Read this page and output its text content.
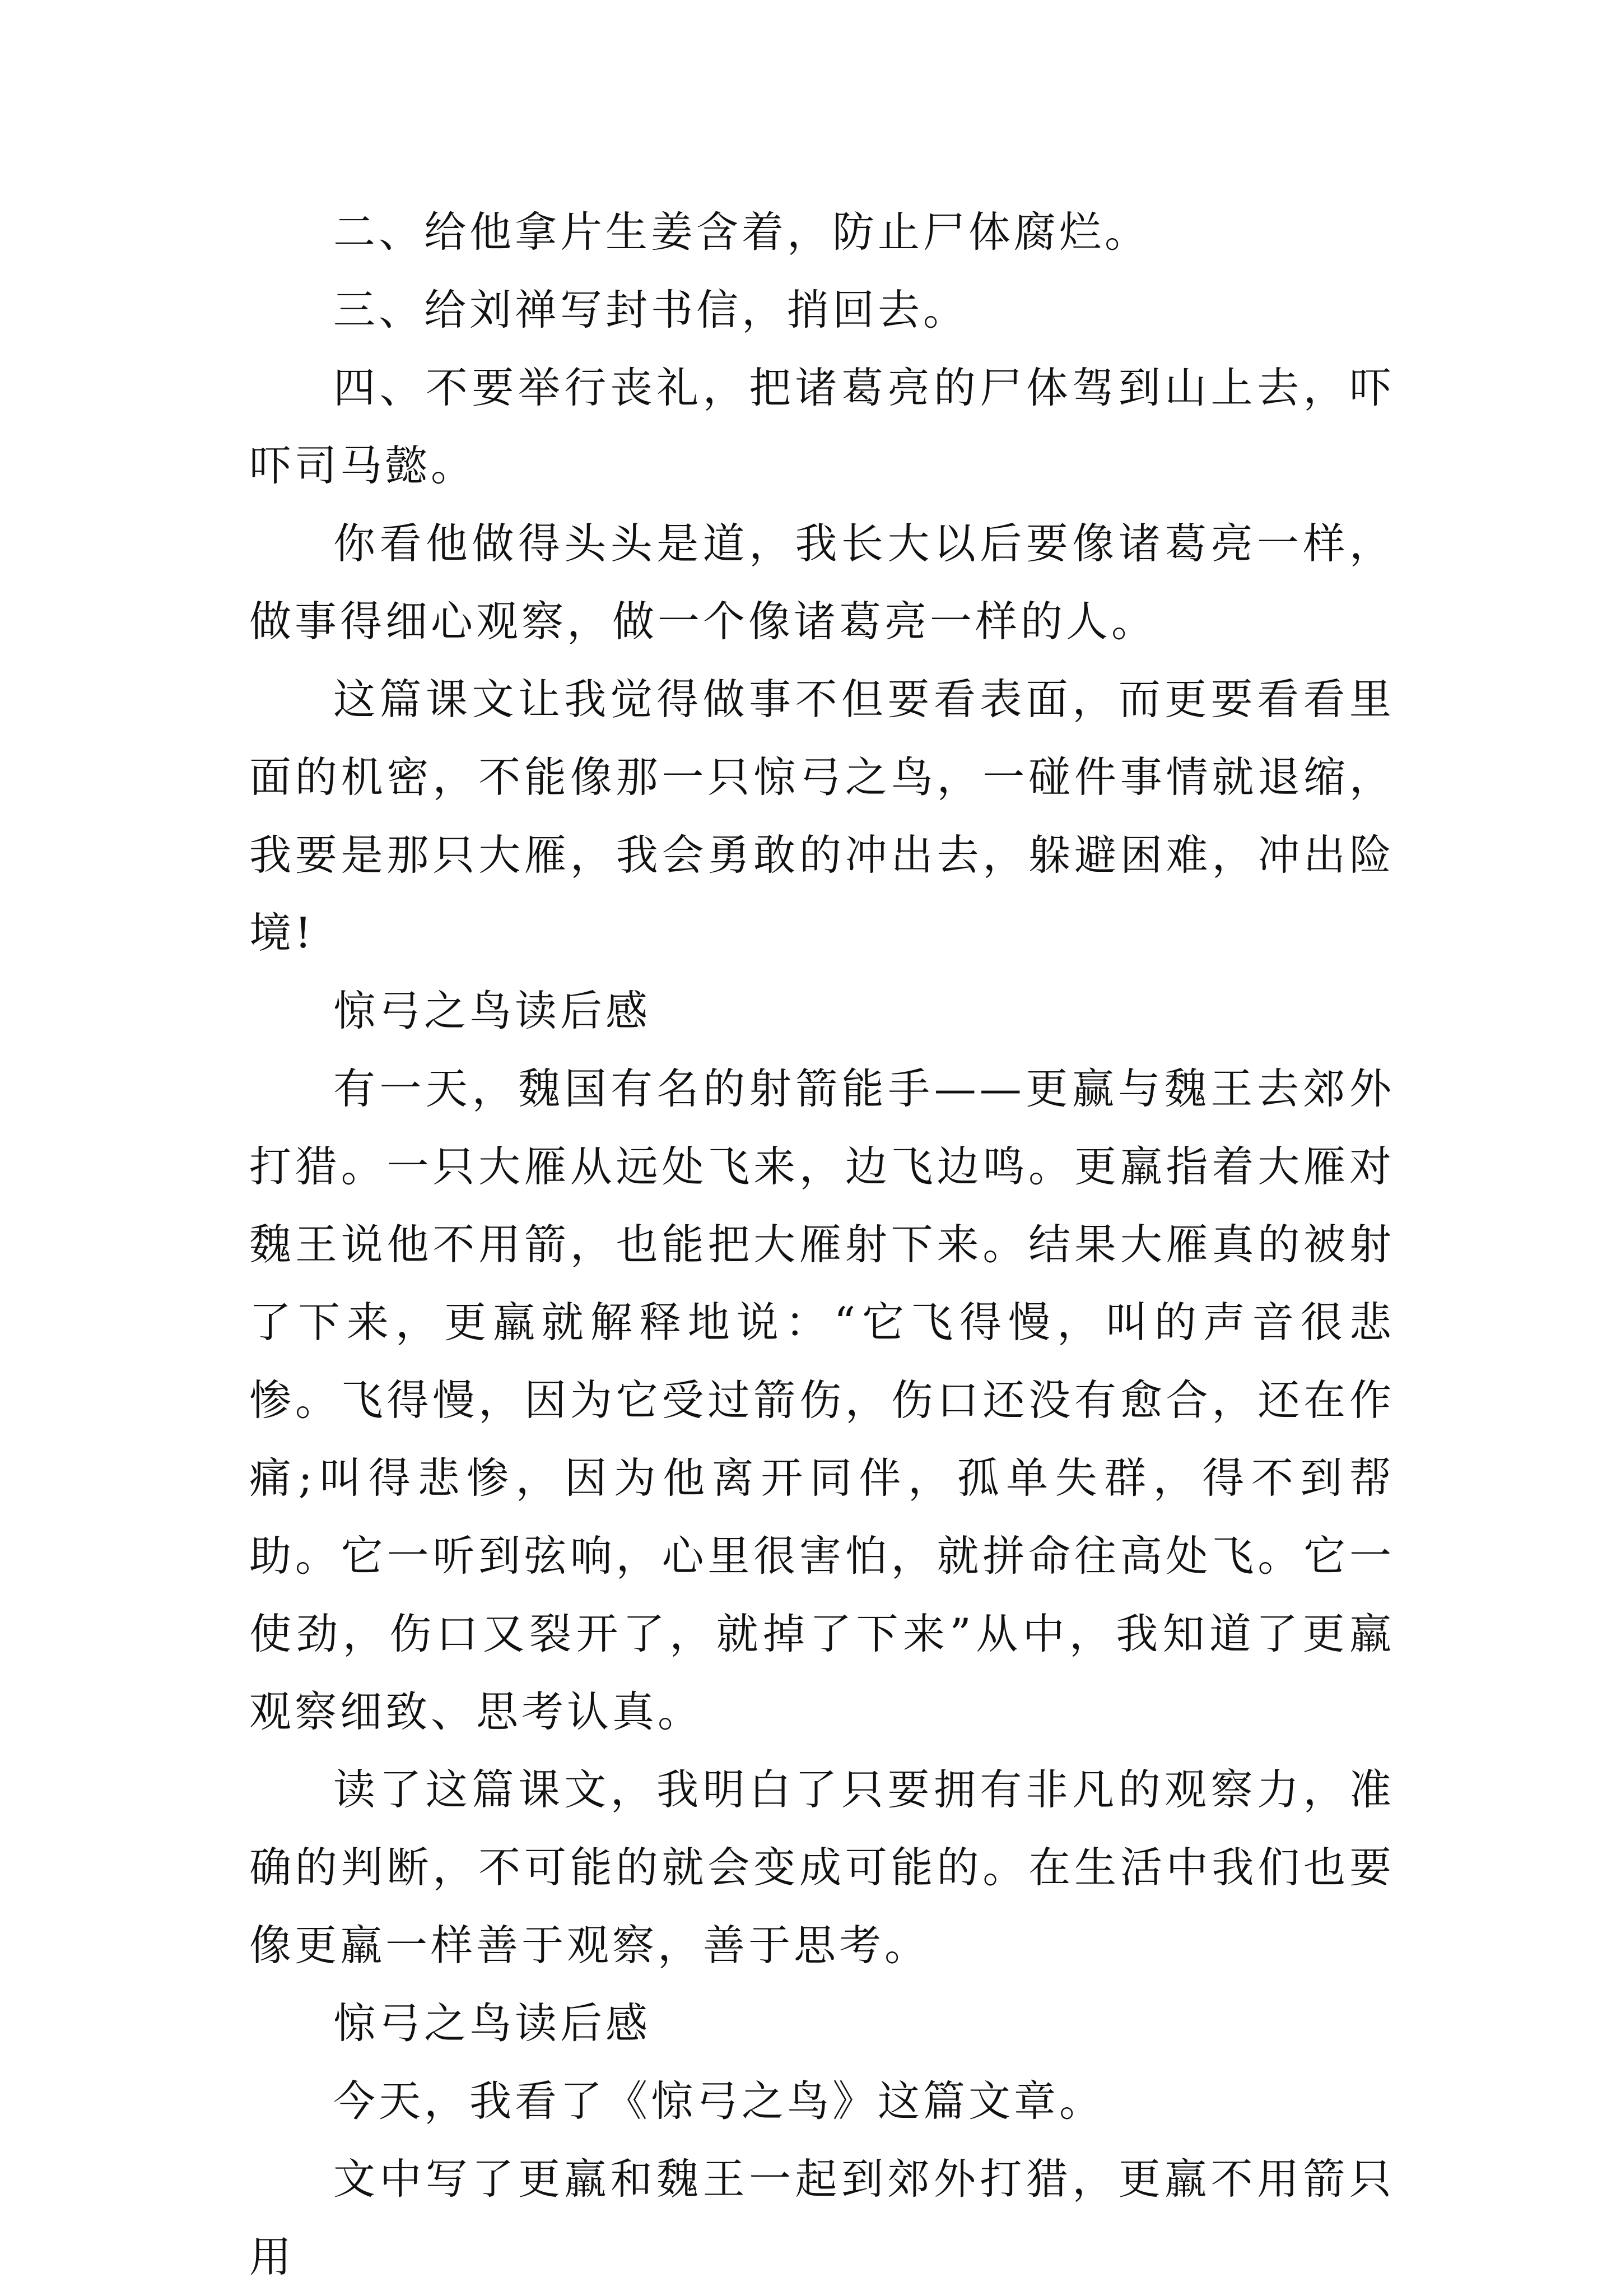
二、给他拿片生姜含着，防止尸体腐烂。

三、给刘禅写封书信，捎回去。

四、不要举行丧礼，把诸葛亮的尸体驾到山上去，吓吓司马懿。

你看他做得头头是道，我长大以后要像诸葛亮一样，做事得细心观察，做一个像诸葛亮一样的人。

这篇课文让我觉得做事不但要看表面，而更要看看里面的机密，不能像那一只惊弓之鸟，一碰件事情就退缩，我要是那只大雁，我会勇敢的冲出去，躲避困难，冲出险境!

惊弓之鸟读后感

有一天，魏国有名的射箭能手——更赢与魏王去郊外打猎。一只大雁从远处飞来，边飞边鸣。更羸指着大雁对魏王说他不用箭，也能把大雁射下来。结果大雁真的被射了下来，更羸就解释地说：“它飞得慢，叫的声音很悲惨。飞得慢，因为它受过箭伤，伤口还没有愈合，还在作痛;叫得悲惨，因为他离开同伴，孤单失群，得不到帮助。它一听到弦响，心里很害怕，就拼命往高处飞。它一使劲，伤口又裂开了，就掉了下来”从中，我知道了更羸观察细致、思考认真。

读了这篇课文，我明白了只要拥有非凡的观察力，准确的判断，不可能的就会变成可能的。在生活中我们也要像更羸一样善于观察，善于思考。

惊弓之鸟读后感

今天，我看了《惊弓之鸟》这篇文章。

文中写了更羸和魏王一起到郊外打猎，更羸不用箭只用
